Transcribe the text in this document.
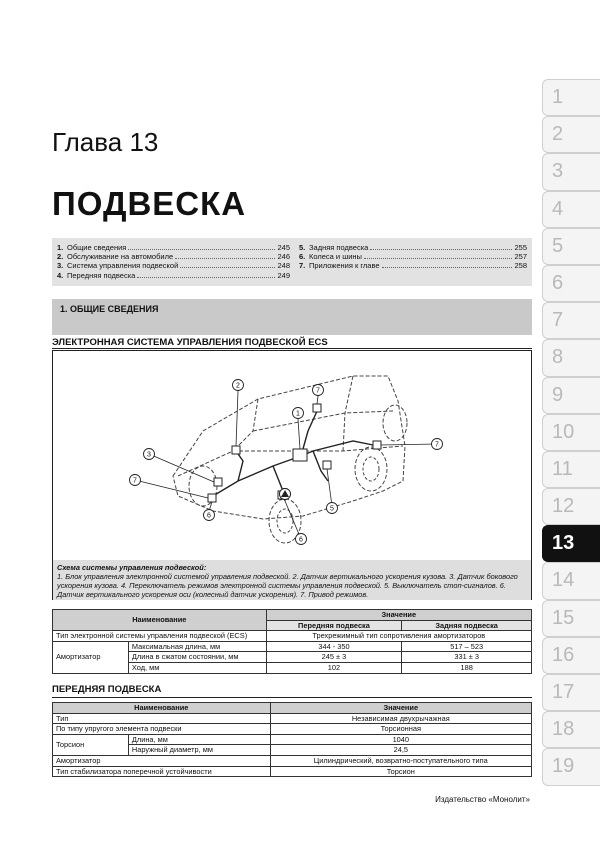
Глава 13
ПОДВЕСКА
1. Общие сведения	245
2. Обслуживание на автомобиле	246
3. Система управления подвеской	248
4. Передняя подвеска	249
5. Задняя подвеска	255
6. Колеса и шины	257
7. Приложения к главе	258
1. ОБЩИЕ СВЕДЕНИЯ
ЭЛЕКТРОННАЯ СИСТЕМА УПРАВЛЕНИЯ ПОДВЕСКОЙ ECS
1
2
3
6
6
7
7
7
5
Схема системы управления подвеской:
1. Блок управления электронной системой управления подвеской. 2. Датчик вертикального ускорения кузова. 3. Датчик бокового ускорения кузова. 4. Переключатель режимов электронной системы управления подвеской. 5. Выключатель стоп-сигналов. 6. Датчик вертикального ускорения оси (колесный датчик ускорения). 7. Привод режимов.
Наименование		Значение	
		Передняя подвеска	Задняя подвеска
Тип электронной системы управления подвеской (ECS)		Трехрежимный тип сопротивления амортизаторов	
Амортизатор	Максимальная длина, мм	344 - 350	517 – 523
	Длина в сжатом состоянии, мм	245 ± 3	331 ± 3
	Ход, мм	102	188
ПЕРЕДНЯЯ ПОДВЕСКА
Наименование		Значение
Тип		Независимая двухрычажная
По типу упругого элемента подвески		Торсионная
Торсион	Длина, мм	1040
	Наружный диаметр, мм	24,5
Амортизатор		Цилиндрический, возвратно-поступательного типа
Тип стабилизатора поперечной устойчивости		Торсион
Издательство «Монолит»
1
2
3
4
5
6
7
8
9
10
11
12
13
14
15
16
17
18
19
